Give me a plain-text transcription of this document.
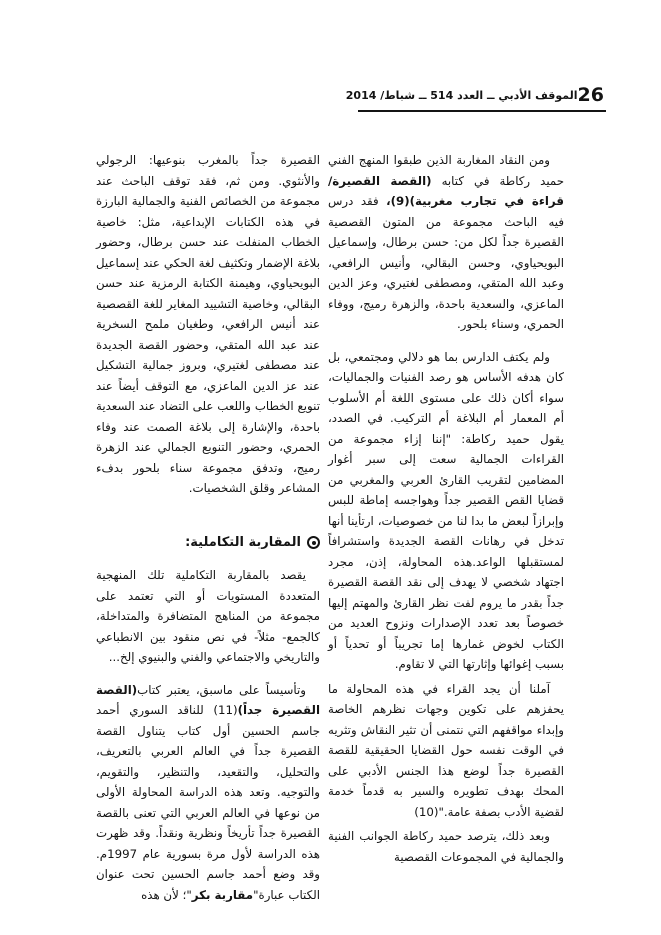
26
الموقف الأدبي ــ العدد 514 ــ شباط/ 2014

ومن النقاد المغاربة الذين طبقوا المنهج الفني حميد ركاطة في كتابه (القصة القصيرة/ قراءة في تجارب مغربية)(9)، فقد درس فيه الباحث مجموعة من المتون القصصية القصيرة جداً لكل من: حسن برطال، وإسماعيل البويحياوي، وحسن البقالي، وأنيس الرافعي، وعبد الله المتقي، ومصطفى لغتيري، وعز الدين الماعزي، والسعدية باحدة، والزهرة رميج، ووفاء الحمري، وسناء بلحور.

ولم يكتف الدارس بما هو دلالي ومجتمعي، بل كان هدفه الأساس هو رصد الفنيات والجماليات، سواء أكان ذلك على مستوى اللغة أم الأسلوب أم المعمار أم البلاغة أم التركيب. في الصدد، يقول حميد ركاطة: "إننا إزاء مجموعة من القراءات الجمالية سعت إلى سبر أغوار المضامين لتقريب القارئ العربي والمغربي من قضايا القص القصير جداً وهواجسه إماطة للبس وإبرازاً لبعض ما بدا لنا من خصوصيات، ارتأينا أنها تدخل في رهانات القصة الجديدة واستشرافاً لمستقبلها الواعد.هذه المحاولة، إذن، مجرد اجتهاد شخصي لا يهدف إلى نقد القصة القصيرة جداً بقدر ما يروم لفت نظر القارئ والمهتم إليها خصوصاً بعد تعدد الإصدارات ونزوح العديد من الكتاب لخوض غمارها إما تجريباً أو تحدياً أو بسبب إغوائها وإثارتها التي لا تقاوم.

آملنا أن يجد القراء في هذه المحاولة ما يحفزهم على تكوين وجهات نظرهم الخاصة وإبداء مواقفهم التي نتمنى أن تثير النقاش وتثريه في الوقت نفسه حول القضايا الحقيقية للقصة القصيرة جداً لوضع هذا الجنس الأدبي على المحك بهدف تطويره والسير به قدماً خدمة لقضية الأدب بصفة عامة."(10)

وبعد ذلك، يترصد حميد ركاطة الجوانب الفنية والجمالية في المجموعات القصصية

القصيرة جداً بالمغرب بنوعيها: الرجولي والأنثوي. ومن ثم، فقد توقف الباحث عند مجموعة من الخصائص الفنية والجمالية البارزة في هذه الكتابات الإبداعية، مثل: خاصية الخطاب المنفلت عند حسن برطال، وحضور بلاغة الإضمار وتكثيف لغة الحكي عند إسماعيل البويحياوي، وهيمنة الكتابة الرمزية عند حسن البقالي، وخاصية التشييد المغاير للغة القصصية عند أنيس الرافعي، وطغيان ملمح السخرية عند عبد الله المتقي، وحضور القصة الجديدة عند مصطفى لغتيري، وبروز جمالية التشكيل عند عز الدين الماعزي، مع التوقف أيضاً عند تنويع الخطاب واللعب على التضاد عند السعدية باحدة، والإشارة إلى بلاغة الصمت عند وفاء الحمري، وحضور التنويع الجمالي عند الزهرة رميج، وتدفق مجموعة سناء بلحور بدفء المشاعر وقلق الشخصيات.

المقاربة التكاملية:

يقصد بالمقاربة التكاملية تلك المنهجية المتعددة المستويات أو التي تعتمد على مجموعة من المناهج المتضافرة والمتداخلة، كالجمع- مثلاً- في نص منقود بين الانطباعي والتاريخي والاجتماعي والفني والبنيوي إلخ...

وتأسيساً على ماسبق، يعتبر كتاب(القصة القصيرة جداً)(11) للناقد السوري أحمد جاسم الحسين أول كتاب يتناول القصة القصيرة جداً في العالم العربي بالتعريف، والتحليل، والتقعيد، والتنظير، والتقويم، والتوجيه. وتعد هذه الدراسة المحاولة الأولى من نوعها في العالم العربي التي تعنى بالقصة القصيرة جداً تأريخاً ونظرية ونقداً. وقد ظهرت هذه الدراسة لأول مرة بسورية عام 1997م. وقد وضع أحمد جاسم الحسين تحت عنوان الكتاب عبارة"مقاربة بكر"؛ لأن هذه
